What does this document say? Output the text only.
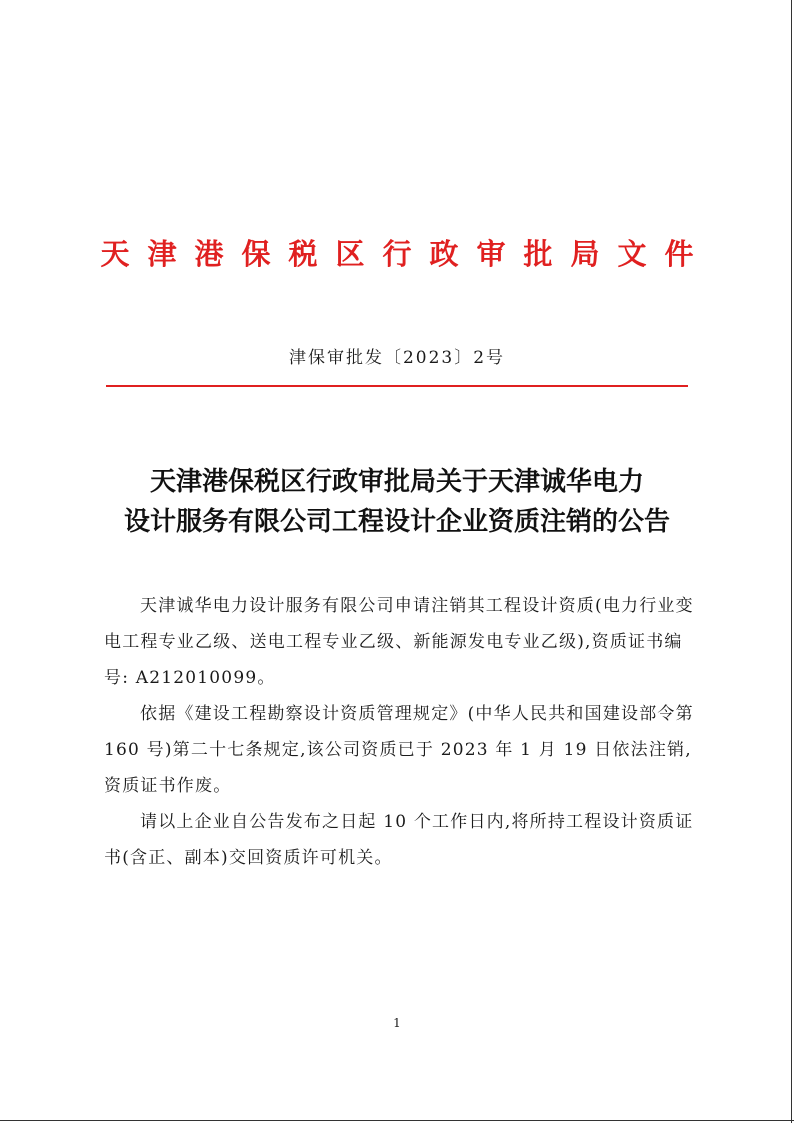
天津港保税区行政审批局文件
津保审批发〔2023〕2号
天津港保税区行政审批局关于天津诚华电力
设计服务有限公司工程设计企业资质注销的公告

天津诚华电力设计服务有限公司申请注销其工程设计资质(电力行业变电工程专业乙级、送电工程专业乙级、新能源发电专业乙级),资质证书编号: A212010099。

依据《建设工程勘察设计资质管理规定》(中华人民共和国建设部令第 160 号)第二十七条规定,该公司资质已于 2023 年 1 月 19 日依法注销,资质证书作废。

请以上企业自公告发布之日起 10 个工作日内,将所持工程设计资质证书(含正、副本)交回资质许可机关。

1
